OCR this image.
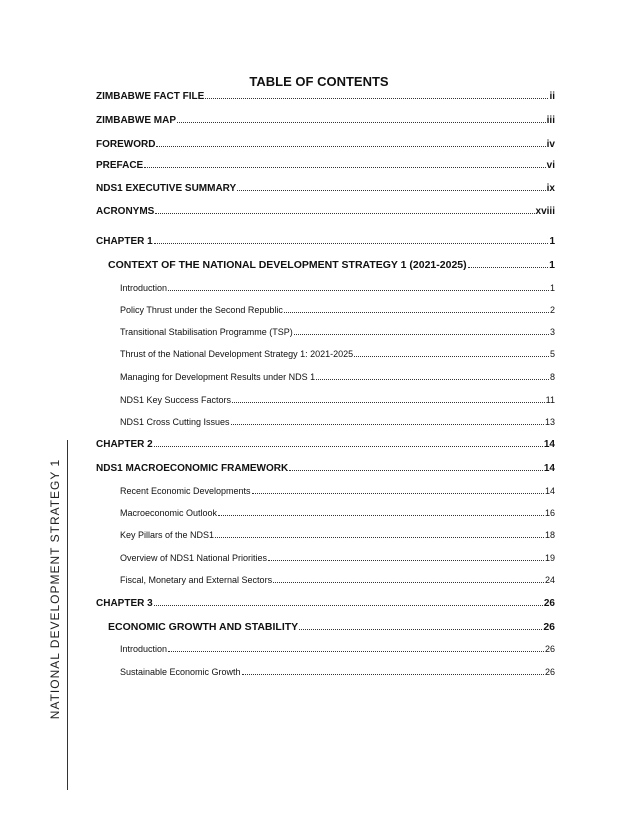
NATIONAL DEVELOPMENT STRATEGY 1
TABLE OF CONTENTS
ZIMBABWE FACT FILE	ii
ZIMBABWE MAP	iii
FOREWORD	iv
PREFACE	vi
NDS1 EXECUTIVE SUMMARY	ix
ACRONYMS	xviii
CHAPTER 1	1
CONTEXT OF THE NATIONAL DEVELOPMENT STRATEGY 1 (2021-2025)	1
Introduction	1
Policy Thrust under the Second Republic	2
Transitional Stabilisation Programme (TSP)	3
Thrust of the National Development Strategy 1: 2021-2025	5
Managing for Development Results under NDS 1	8
NDS1 Key Success Factors	11
NDS1 Cross Cutting Issues	13
CHAPTER 2	14
NDS1 MACROECONOMIC FRAMEWORK	14
Recent Economic Developments	14
Macroeconomic Outlook	16
Key Pillars of the NDS1	18
Overview of NDS1 National Priorities	19
Fiscal, Monetary and External Sectors	24
CHAPTER 3	26
ECONOMIC GROWTH AND STABILITY	26
Introduction	26
Sustainable Economic Growth	26
